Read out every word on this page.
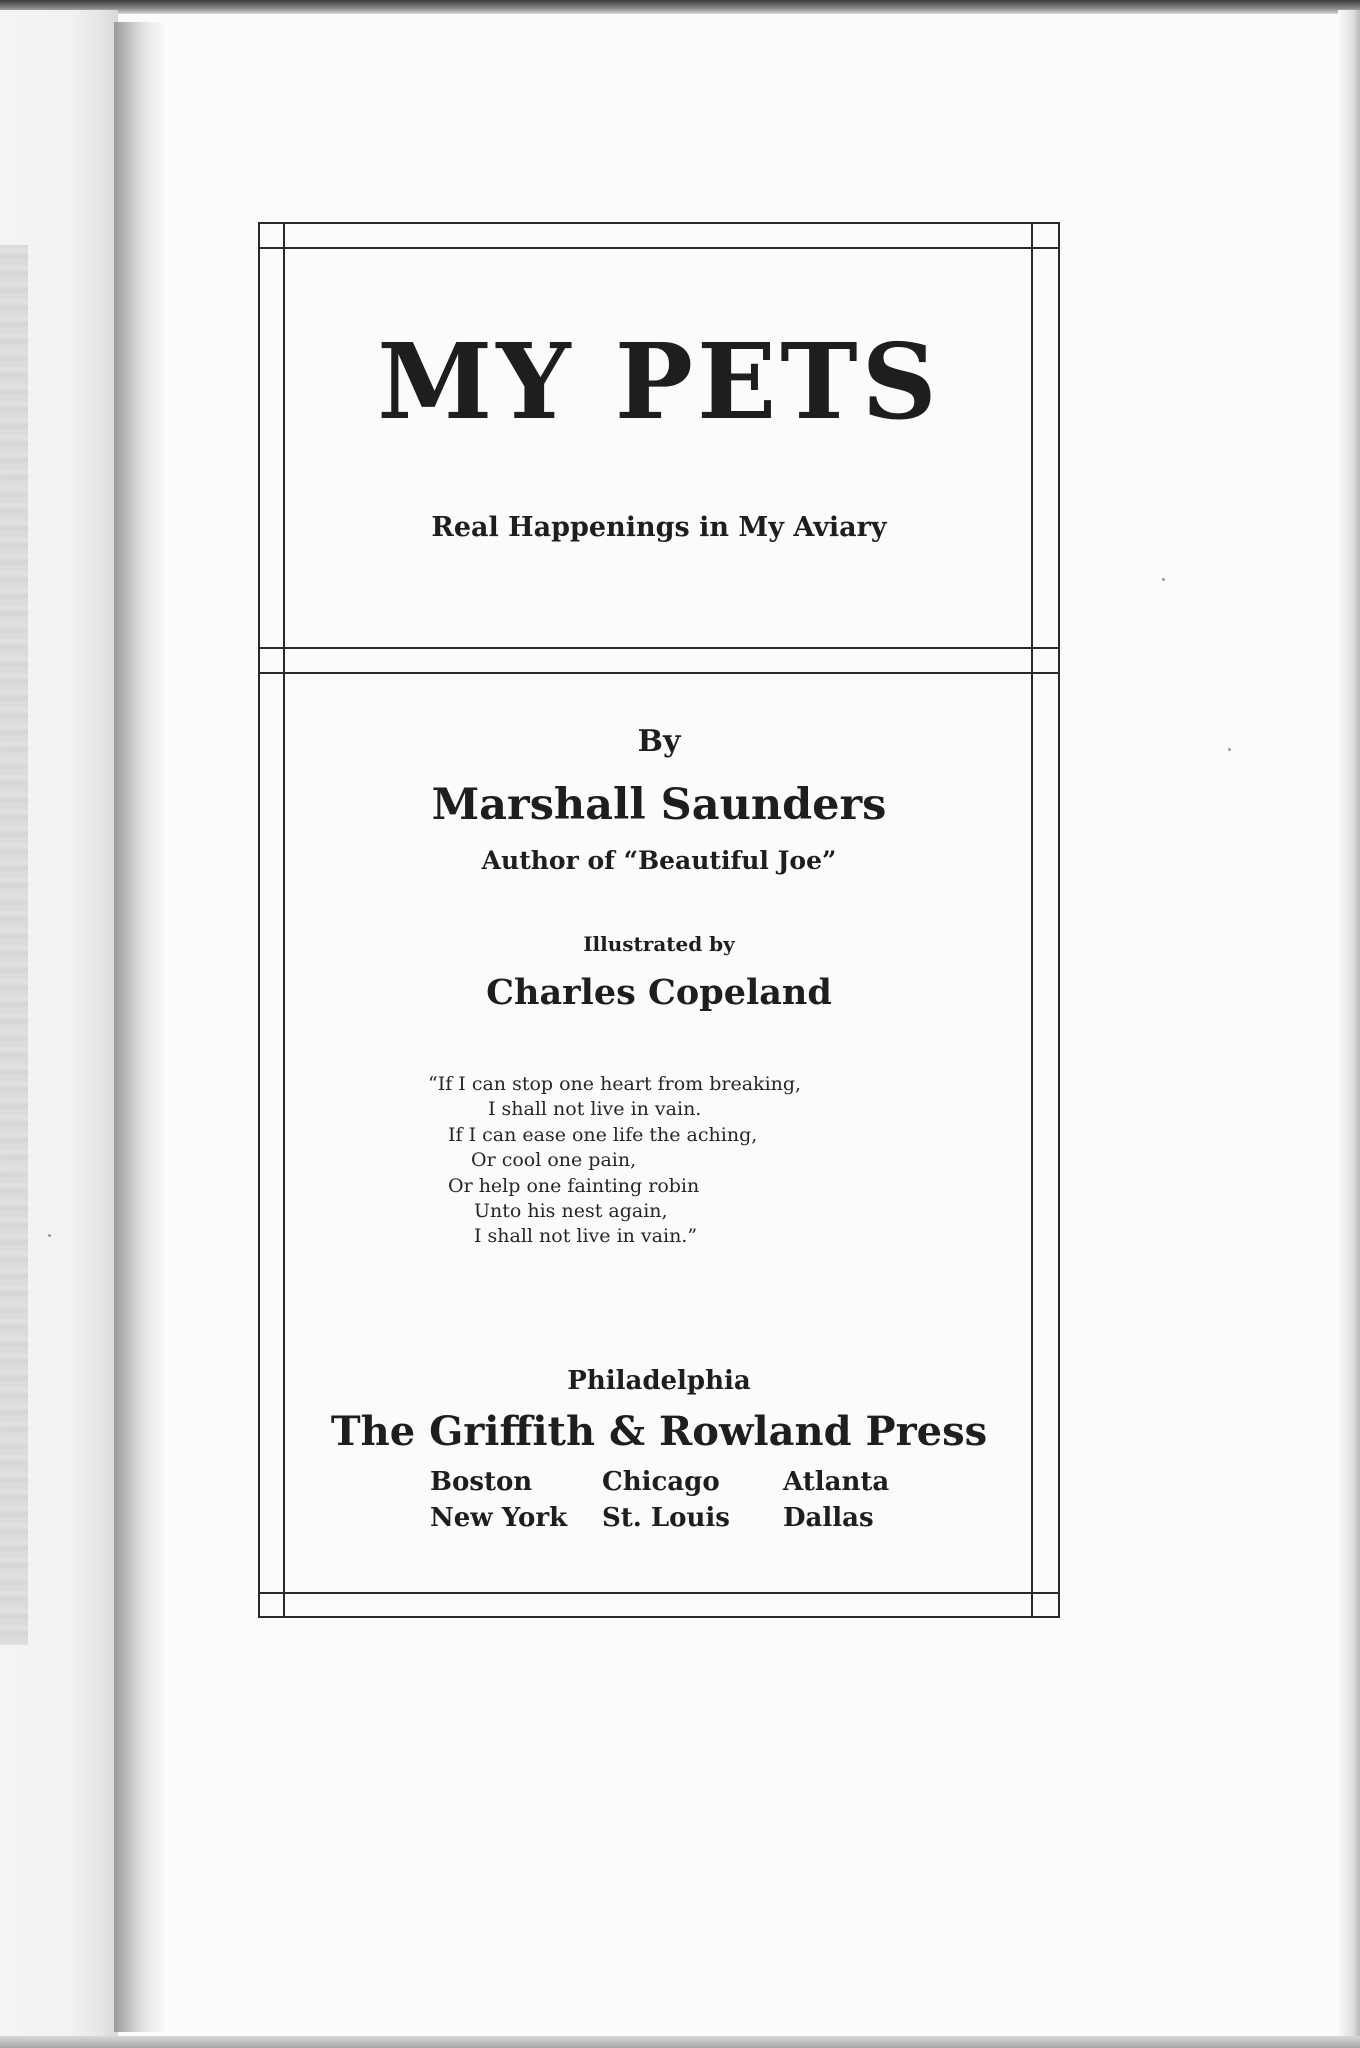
MY PETS
Real Happenings in My Aviary
By
Marshall Saunders
Author of “Beautiful Joe”
Illustrated by
Charles Copeland
“If I can stop one heart from breaking,
I shall not live in vain.
If I can ease one life the aching,
Or cool one pain,
Or help one fainting robin
Unto his nest again,
I shall not live in vain.”
Philadelphia
The Griffith & Rowland Press
Boston	Chicago Atlanta
New York St. Louis Dallas
